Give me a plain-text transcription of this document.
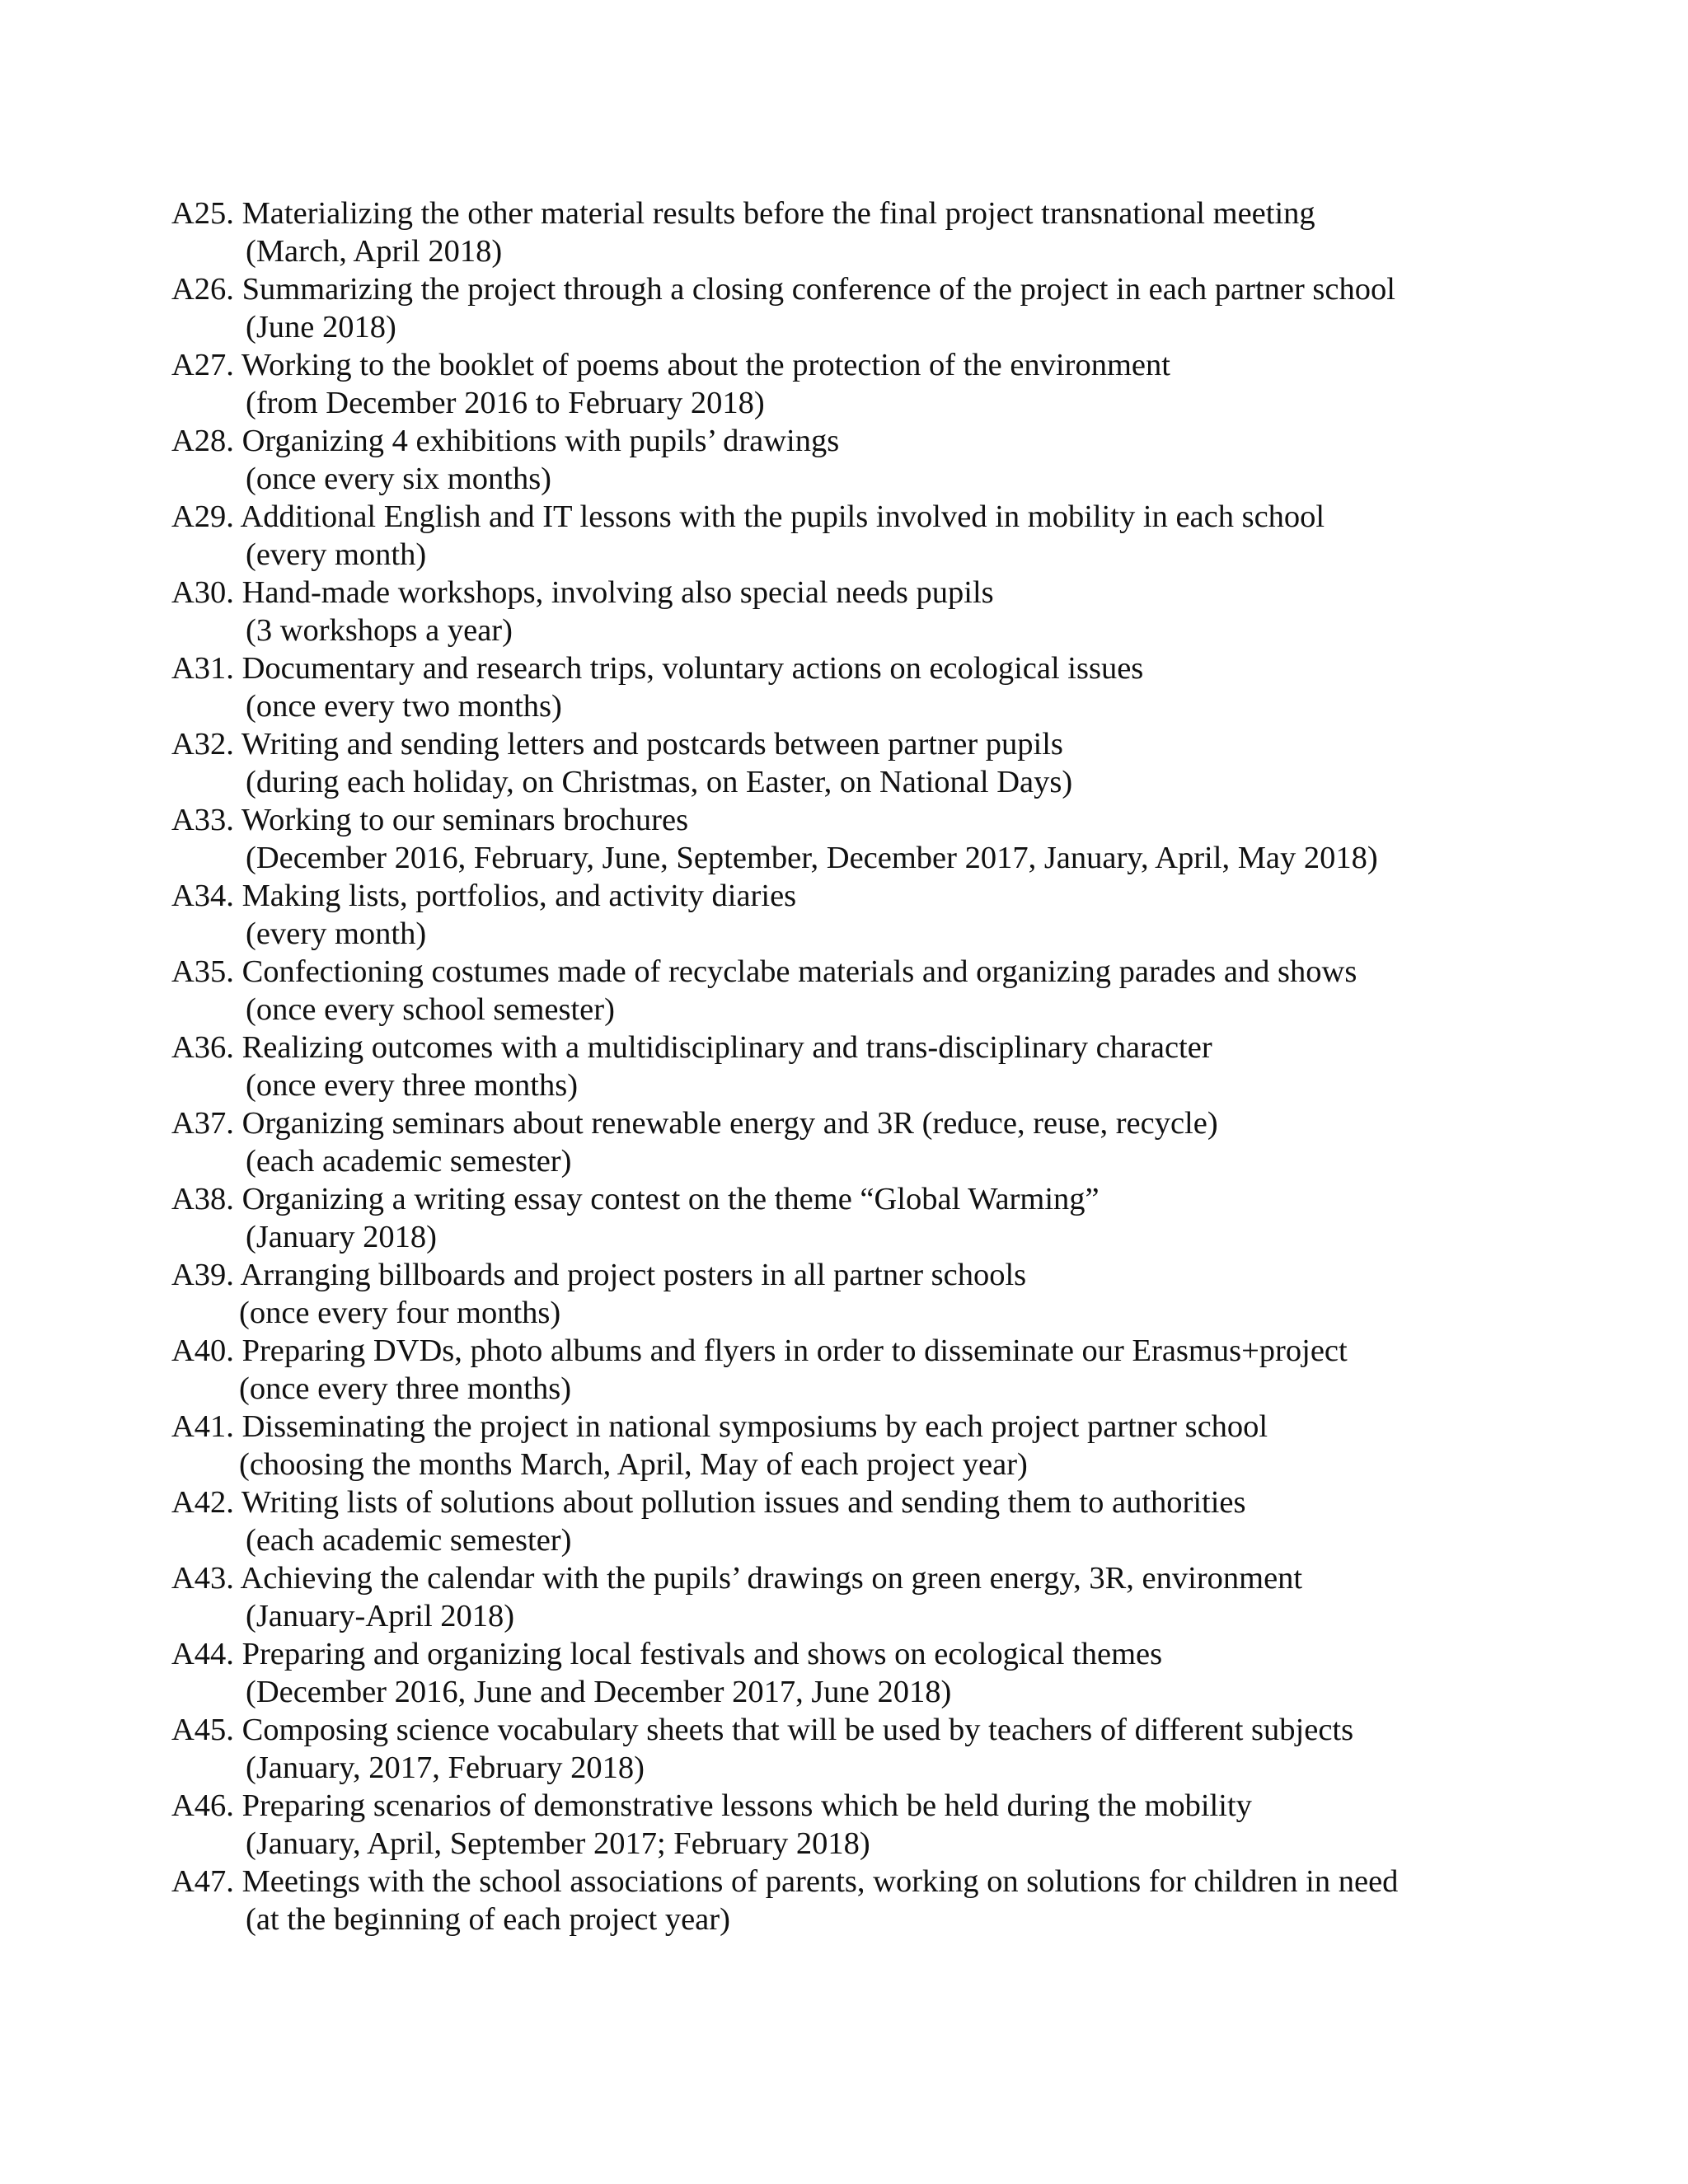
A25. Materializing the other material results before the final project transnational meeting
(March, April 2018)
A26. Summarizing the project through a closing conference of the project in each partner school
(June 2018)
A27. Working to the booklet of poems about the protection of the environment
(from December 2016 to February 2018)
A28. Organizing 4 exhibitions with pupils’ drawings
(once every six months)
A29. Additional English and IT lessons with the pupils involved in mobility in each school
(every month)
A30. Hand-made workshops, involving also special needs pupils
(3 workshops a year)
A31. Documentary and research trips, voluntary actions on ecological issues
(once every two months)
A32. Writing and sending letters and postcards between partner pupils
(during each holiday, on Christmas, on Easter, on National Days)
A33. Working to our seminars brochures
(December 2016, February, June, September, December 2017, January, April, May 2018)
A34. Making lists, portfolios, and activity diaries
(every month)
A35. Confectioning costumes made of recyclabe materials and organizing parades and shows
(once every school semester)
A36. Realizing outcomes with a multidisciplinary and trans-disciplinary character
(once every three months)
A37. Organizing seminars about renewable energy and 3R (reduce, reuse, recycle)
(each academic semester)
A38. Organizing a writing essay contest on the theme “Global Warming”
(January 2018)
A39. Arranging billboards and project posters in all partner schools
(once every four months)
A40. Preparing DVDs, photo albums and flyers in order to disseminate our Erasmus+project
(once every three months)
A41. Disseminating the project in national symposiums by each project partner school
(choosing the months March, April, May of each project year)
A42. Writing lists of solutions about pollution issues and sending them to authorities
(each academic semester)
A43. Achieving the calendar with the pupils’ drawings on green energy, 3R, environment
(January-April 2018)
A44. Preparing and organizing local festivals and shows on ecological themes
(December 2016, June and December 2017, June 2018)
A45. Composing science vocabulary sheets that will be used by teachers of different subjects
(January, 2017, February 2018)
A46. Preparing scenarios of demonstrative lessons which be held during the mobility
(January, April, September 2017; February 2018)
A47. Meetings with the school associations of parents, working on solutions for children in need
(at the beginning of each project year)
